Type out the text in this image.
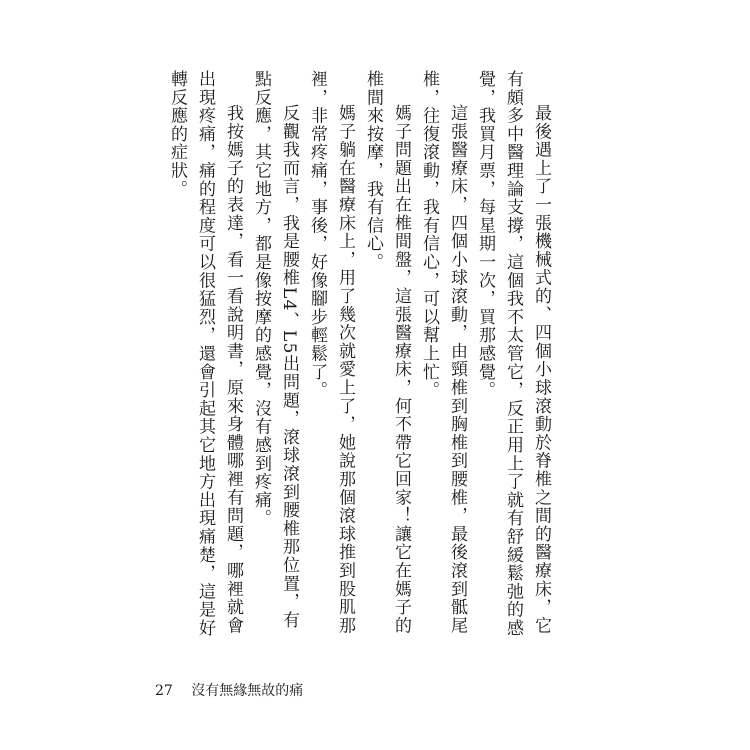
最後遇上了一張機械式的、四個小球滾動於脊椎之間的醫療床，它有頗多中醫理論支撐，這個我不太管它，反正用上了就有舒緩鬆弛的感覺，我買月票，每星期一次，買那感覺。

這張醫療床，四個小球滾動，由頸椎到胸椎到腰椎，最後滾到骶尾椎，往復滾動，我有信心，可以幫上忙。

媽子問題出在椎間盤，這張醫療床，何不帶它回家！讓它在媽子的椎間來按摩，我有信心。

媽子躺在醫療床上，用了幾次就愛上了，她說那個滾球推到股肌那裡，非常疼痛，事後，好像腳步輕鬆了。

反觀我而言，我是腰椎L4、L5出問題，滾球滾到腰椎那位置，有點反應，其它地方，都是像按摩的感覺，沒有感到疼痛。

我按媽子的表達，看一看說明書，原來身體哪裡有問題，哪裡就會出現疼痛，痛的程度可以很猛烈，還會引起其它地方出現痛楚，這是好轉反應的症狀。

27 沒有無緣無故的痛
